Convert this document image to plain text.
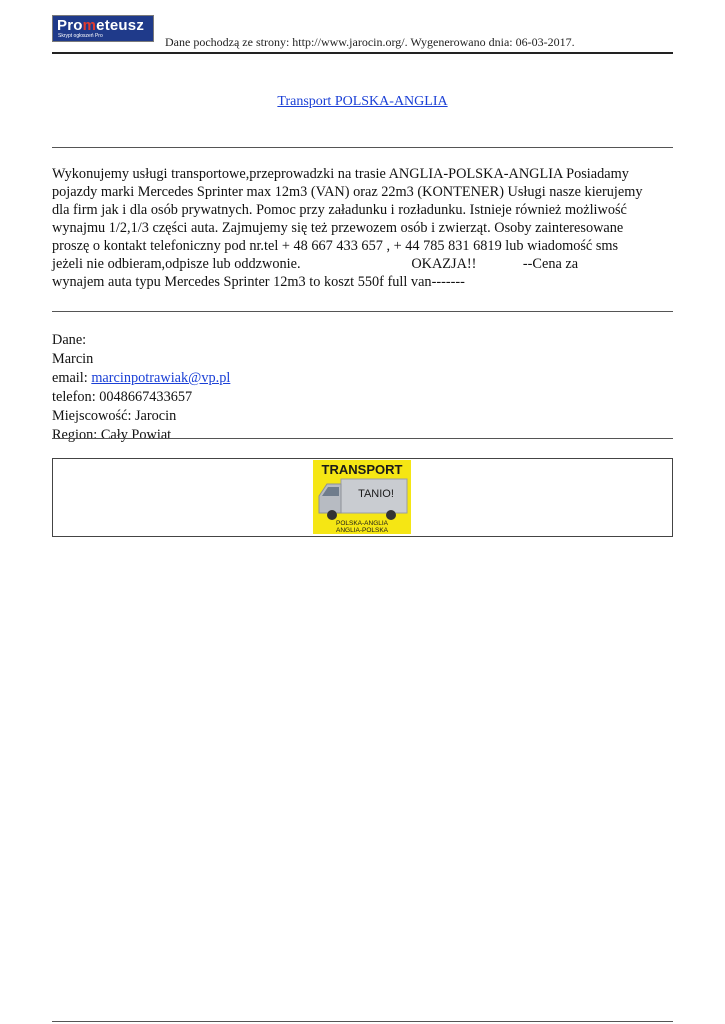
Prometeusz
Skrypt ogłoszeń Pro	Dane pochodzą ze strony: http://www.jarocin.org/. Wygenerowano dnia: 06-03-2017.
Transport POLSKA-ANGLIA
Wykonujemy usługi transportowe,przeprowadzki na trasie ANGLIA-POLSKA-ANGLIA Posiadamy
pojazdy marki Mercedes Sprinter max 12m3 (VAN) oraz 22m3 (KONTENER) Usługi nasze kierujemy
dla firm jak i dla osób prywatnych. Pomoc przy załadunku i rozładunku. Istnieje również możliwość
wynajmu 1/2,1/3 części auta. Zajmujemy się też przewozem osób i zwierząt. Osoby zainteresowane
proszę o kontakt telefoniczny pod nr.tel + 48 667 433 657 , + 44 785 831 6819 lub wiadomość sms
jeżeli nie odbieram,odpisze lub oddzwonie.                               OKAZJA!!             --Cena za
wynajem auta typu Mercedes Sprinter 12m3 to koszt 550f full van-------
Dane:
Marcin
email: marcinpotrawiak@vp.pl
telefon: 0048667433657
Miejscowość: Jarocin
Region: Cały Powiat
TRANSPORT
TANIO!
POLSKA-ANGLIA
ANGLIA-POLSKA
